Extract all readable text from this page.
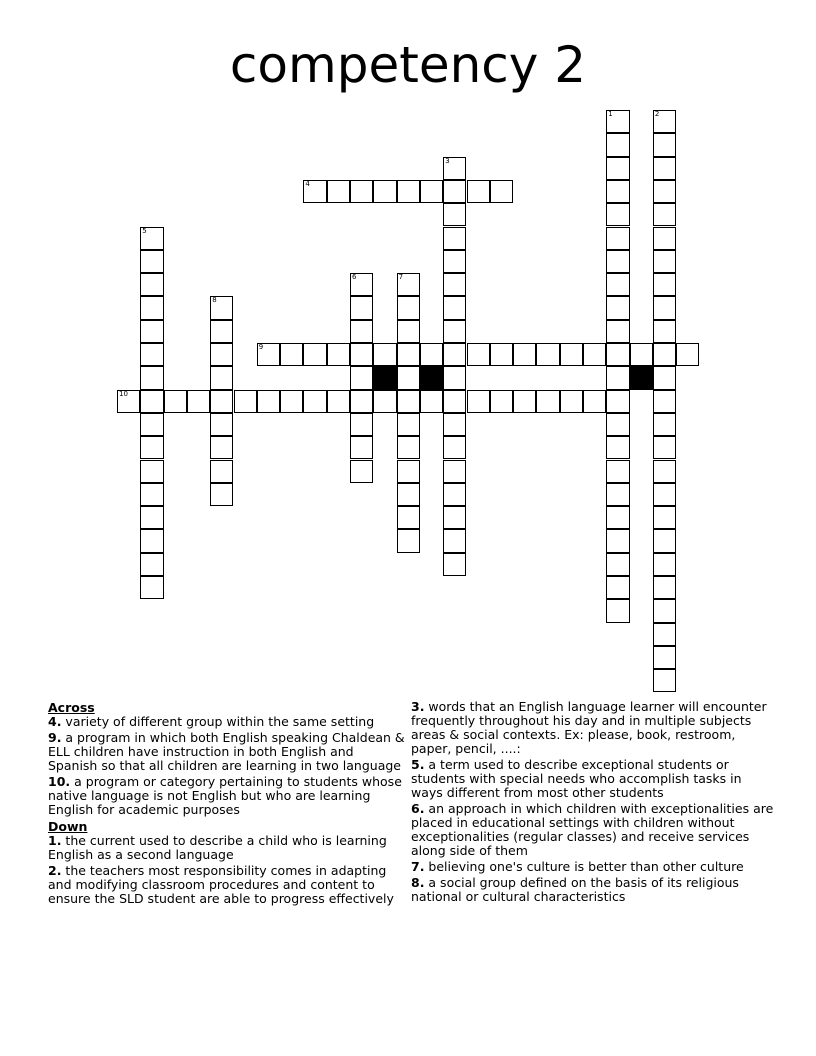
competency 2
1	2
3
4
5
6	7
8
9
10

Across

4. variety of different group within the same setting

9. a program in which both English speaking Chaldean & ELL children have instruction in both English and Spanish so that all children are learning in two language

10. a program or category pertaining to students whose native language is not English but who are learning English for academic purposes

Down

1. the current used to describe a child who is learning English as a second language

2. the teachers most responsibility comes in adapting and modifying classroom procedures and content to ensure the SLD student are able to progress effectively

3. words that an English language learner will encounter frequently throughout his day and in multiple subjects areas & social contexts. Ex: please, book, restroom, paper, pencil, ....:

5. a term used to describe exceptional students or students with special needs who accomplish tasks in ways different from most other students

6. an approach in which children with exceptionalities are placed in educational settings with children without exceptionalities (regular classes) and receive services along side of them

7. believing one's culture is better than other culture

8. a social group defined on the basis of its religious national or cultural characteristics
